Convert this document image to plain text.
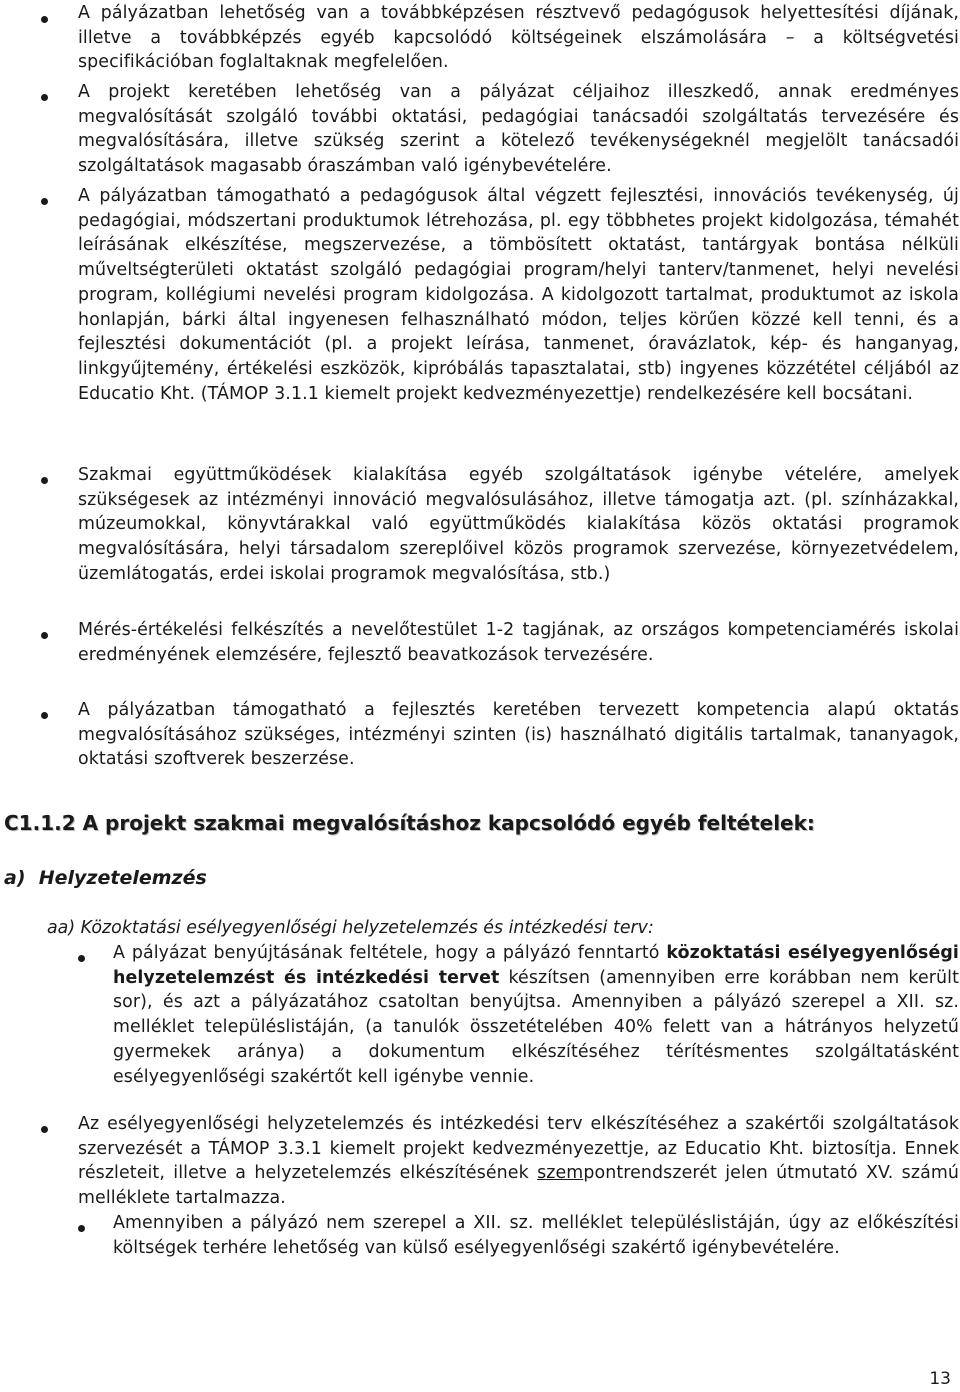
A pályázatban lehetőség van a továbbképzésen résztvevő pedagógusok helyettesítési díjának, illetve a továbbképzés egyéb kapcsolódó költségeinek elszámolására – a költségvetési specifikációban foglaltaknak megfelelően.

A projekt keretében lehetőség van a pályázat céljaihoz illeszkedő, annak eredményes megvalósítását szolgáló további oktatási, pedagógiai tanácsadói szolgáltatás tervezésére és megvalósítására, illetve szükség szerint a kötelező tevékenységeknél megjelölt tanácsadói szolgáltatások magasabb óraszámban való igénybevételére.

A pályázatban támogatható a pedagógusok által végzett fejlesztési, innovációs tevékenység, új pedagógiai, módszertani produktumok létrehozása, pl. egy többhetes projekt kidolgozása, témahét leírásának elkészítése, megszervezése, a tömbösített oktatást, tantárgyak bontása nélküli műveltségterületi oktatást szolgáló pedagógiai program/helyi tanterv/tanmenet, helyi nevelési program, kollégiumi nevelési program kidolgozása. A kidolgozott tartalmat, produktumot az iskola honlapján, bárki által ingyenesen felhasználható módon, teljes körűen közzé kell tenni, és a fejlesztési dokumentációt (pl. a projekt leírása, tanmenet, óravázlatok, kép- és hanganyag, linkgyűjtemény, értékelési eszközök, kipróbálás tapasztalatai, stb) ingyenes közzététel céljából az Educatio Kht. (TÁMOP 3.1.1 kiemelt projekt kedvezményezettje) rendelkezésére kell bocsátani.

Szakmai együttműködések kialakítása egyéb szolgáltatások igénybe vételére, amelyek szükségesek az intézményi innováció megvalósulásához, illetve támogatja azt. (pl. színházakkal, múzeumokkal, könyvtárakkal való együttműködés kialakítása közös oktatási programok megvalósítására, helyi társadalom szereplőivel közös programok szervezése, környezetvédelem, üzemlátogatás, erdei iskolai programok megvalósítása, stb.)

Mérés-értékelési felkészítés a nevelőtestület 1-2 tagjának, az országos kompetenciamérés iskolai eredményének elemzésére, fejlesztő beavatkozások tervezésére.

A pályázatban támogatható a fejlesztés keretében tervezett kompetencia alapú oktatás megvalósításához szükséges, intézményi szinten (is) használható digitális tartalmak, tananyagok, oktatási szoftverek beszerzése.

C1.1.2 A projekt szakmai megvalósításhoz kapcsolódó egyéb feltételek:

a)  Helyzetelemzés

aa) Közoktatási esélyegyenlőségi helyzetelemzés és intézkedési terv:

A pályázat benyújtásának feltétele, hogy a pályázó fenntartó közoktatási esélyegyenlőségi helyzetelemzést és intézkedési tervet készítsen (amennyiben erre korábban nem került sor), és azt a pályázatához csatoltan benyújtsa. Amennyiben a pályázó szerepel a XII. sz. melléklet településlistáján, (a tanulók összetételében 40% felett van a hátrányos helyzetű gyermekek aránya) a dokumentum elkészítéséhez térítésmentes szolgáltatásként esélyegyenlőségi szakértőt kell igénybe vennie.

Az esélyegyenlőségi helyzetelemzés és intézkedési terv elkészítéséhez a szakértői szolgáltatások szervezését a TÁMOP 3.3.1 kiemelt projekt kedvezményezettje, az Educatio Kht. biztosítja. Ennek részleteit, illetve a helyzetelemzés elkészítésének szempontrendszerét jelen útmutató XV. számú melléklete tartalmazza.

Amennyiben a pályázó nem szerepel a XII. sz. melléklet településlistáján, úgy az előkészítési költségek terhére lehetőség van külső esélyegyenlőségi szakértő igénybevételére.

13
